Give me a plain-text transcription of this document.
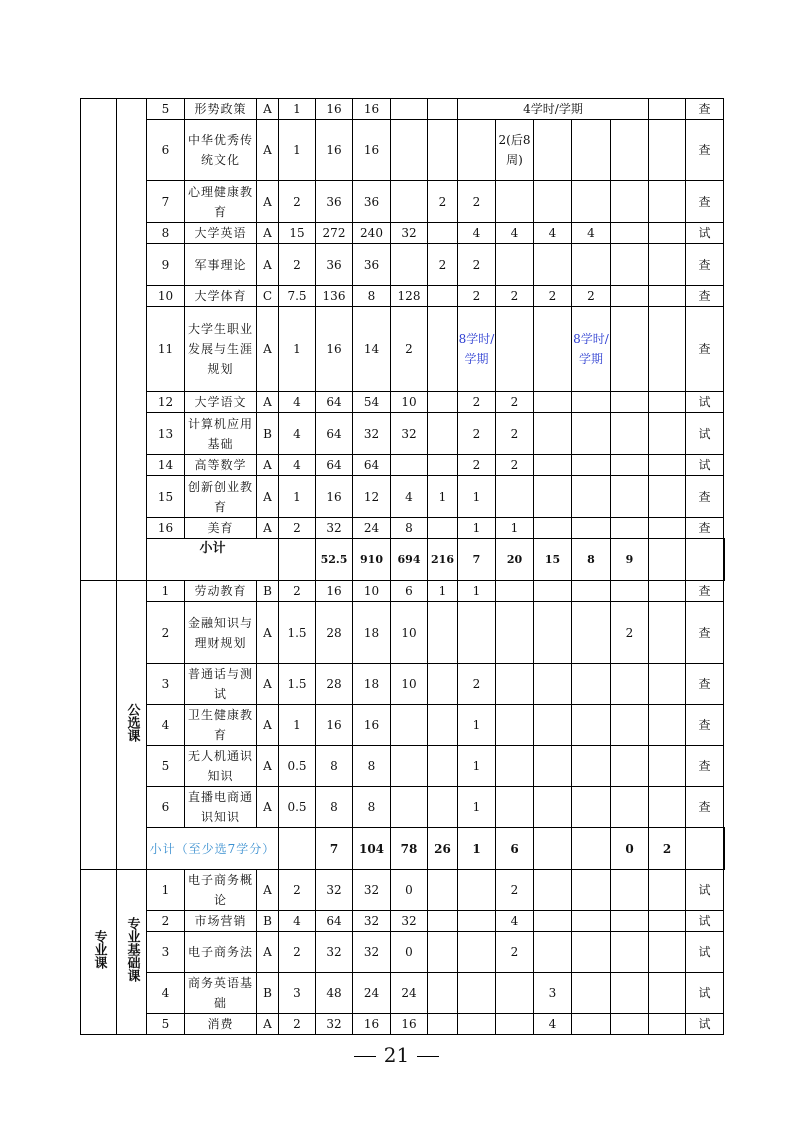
		5	形势政策	A	1	16	16			4学时/学期						查	
		6	中华优秀传统文化	A	1	16	16				2(后8周)					查	
		7	心理健康教育	A	2	36	36		2	2						查	
		8	大学英语	A	15	272	240	32		4	4	4	4			试	
		9	军事理论	A	2	36	36		2	2						查	
		10	大学体育	C	7.5	136	8	128		2	2	2	2			查	
		11	大学生职业发展与生涯规划	A	1	16	14	2		8学时/学期			8学时/学期			查	
		12	大学语文	A	4	64	54	10		2	2					试	
		13	计算机应用基础	B	4	64	32	32		2	2					试	
		14	高等数学	A	4	64	64			2	2					试	
		15	创新创业教育	A	1	16	12	4	1	1						查	
		16	美育	A	2	32	24	8		1	1					查	
		小计				52.5	910	694	216	7	20	15	8	9			
	公选课	1	劳动教育	B	2	16	10	6	1	1						查	
		2	金融知识与理财规划	A	1.5	28	18	10						2		查	
		3	普通话与测试	A	1.5	28	18	10		2						查	
		4	卫生健康教育	A	1	16	16			1						查	
		5	无人机通识知识	A	0.5	8	8			1						查	
		6	直播电商通识知识	A	0.5	8	8			1						查	
		小计（至少选7学分）				7	104	78	26	1	6			0	2		
专业课	专业基础课	1	电子商务概论	A	2	32	32	0			2					试	
		2	市场营销	B	4	64	32	32			4					试	
		3	电子商务法	A	2	32	32	0			2					试	
		4	商务英语基础	B	3	48	24	24				3				试	
		5	消费	A	2	32	16	16				4				试	
21
